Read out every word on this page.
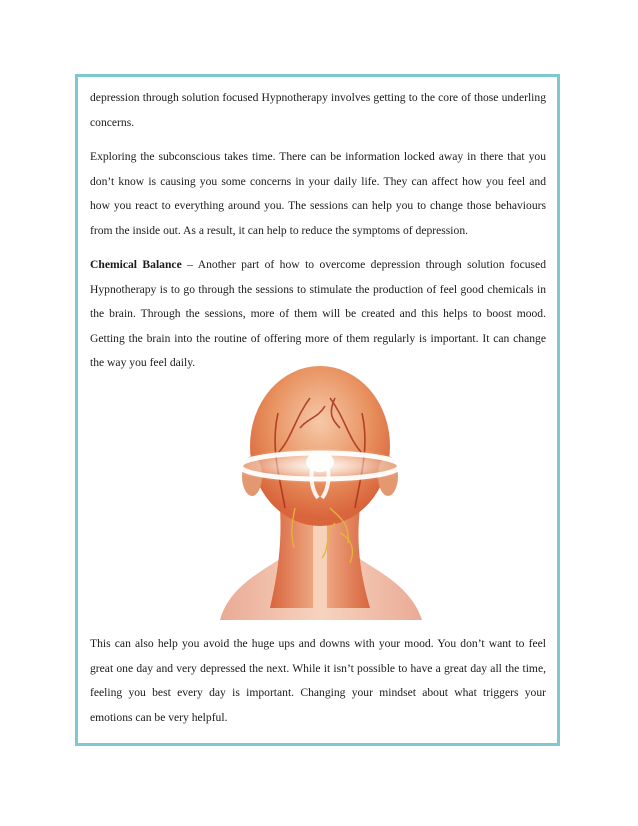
depression through solution focused Hypnotherapy involves getting to the core of those underling concerns.

Exploring the subconscious takes time. There can be information locked away in there that you don’t know is causing you some concerns in your daily life. They can affect how you feel and how you react to everything around you. The sessions can help you to change those behaviours from the inside out. As a result, it can help to reduce the symptoms of depression.

Chemical Balance – Another part of how to overcome depression through solution focused Hypnotherapy is to go through the sessions to stimulate the production of feel good chemicals in the brain. Through the sessions, more of them will be created and this helps to boost mood. Getting the brain into the routine of offering more of them regularly is important. It can change the way you feel daily.

This can also help you avoid the huge ups and downs with your mood. You don’t want to feel great one day and very depressed the next. While it isn’t possible to have a great day all the time, feeling you best every day is important. Changing your mindset about what triggers your emotions can be very helpful.
